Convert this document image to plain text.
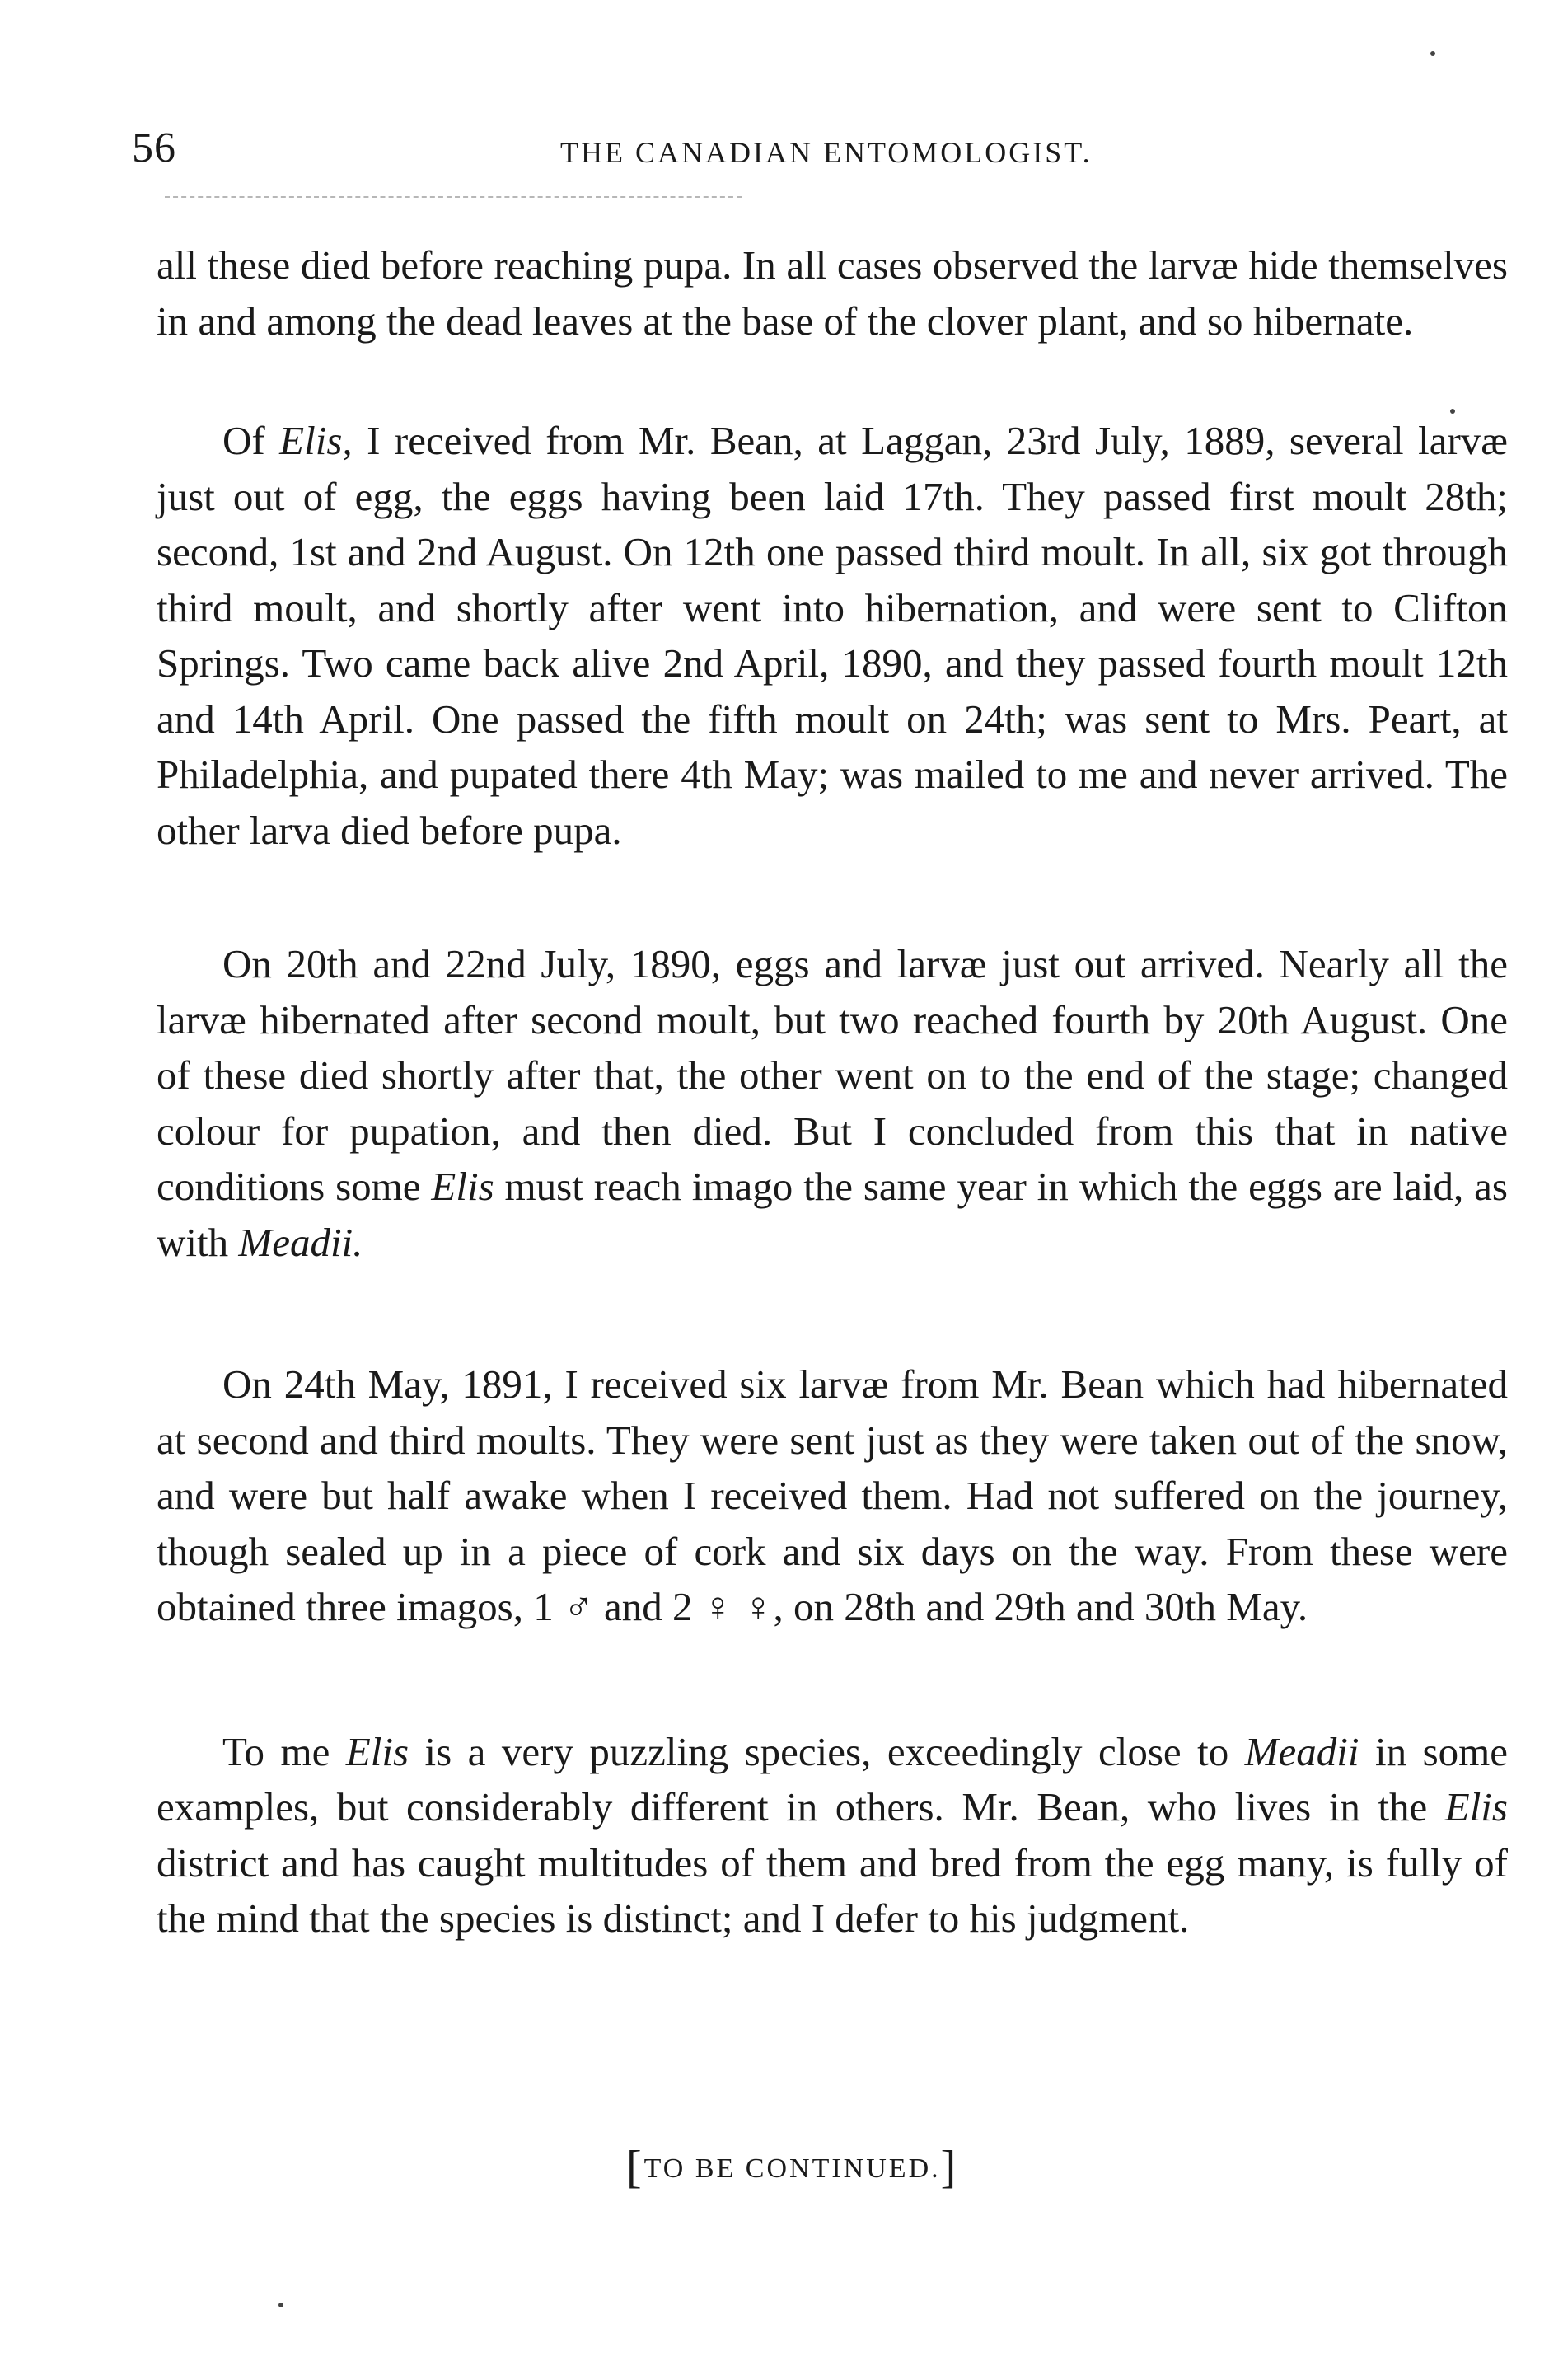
56	THE CANADIAN ENTOMOLOGIST.

all these died before reaching pupa. In all cases observed the larvæ hide themselves in and among the dead leaves at the base of the clover plant, and so hibernate.

Of Elis, I received from Mr. Bean, at Laggan, 23rd July, 1889, several larvæ just out of egg, the eggs having been laid 17th. They passed first moult 28th; second, 1st and 2nd August. On 12th one passed third moult. In all, six got through third moult, and shortly after went into hibernation, and were sent to Clifton Springs. Two came back alive 2nd April, 1890, and they passed fourth moult 12th and 14th April. One passed the fifth moult on 24th; was sent to Mrs. Peart, at Philadelphia, and pupated there 4th May; was mailed to me and never arrived. The other larva died before pupa.

On 20th and 22nd July, 1890, eggs and larvæ just out arrived. Nearly all the larvæ hibernated after second moult, but two reached fourth by 20th August. One of these died shortly after that, the other went on to the end of the stage; changed colour for pupation, and then died. But I concluded from this that in native conditions some Elis must reach imago the same year in which the eggs are laid, as with Meadii.

On 24th May, 1891, I received six larvæ from Mr. Bean which had hibernated at second and third moults. They were sent just as they were taken out of the snow, and were but half awake when I received them. Had not suffered on the journey, though sealed up in a piece of cork and six days on the way. From these were obtained three imagos, 1 ♂ and 2 ♀ ♀, on 28th and 29th and 30th May.

To me Elis is a very puzzling species, exceedingly close to Meadii in some examples, but considerably different in others. Mr. Bean, who lives in the Elis district and has caught multitudes of them and bred from the egg many, is fully of the mind that the species is distinct; and I defer to his judgment.

[TO BE CONTINUED.]
